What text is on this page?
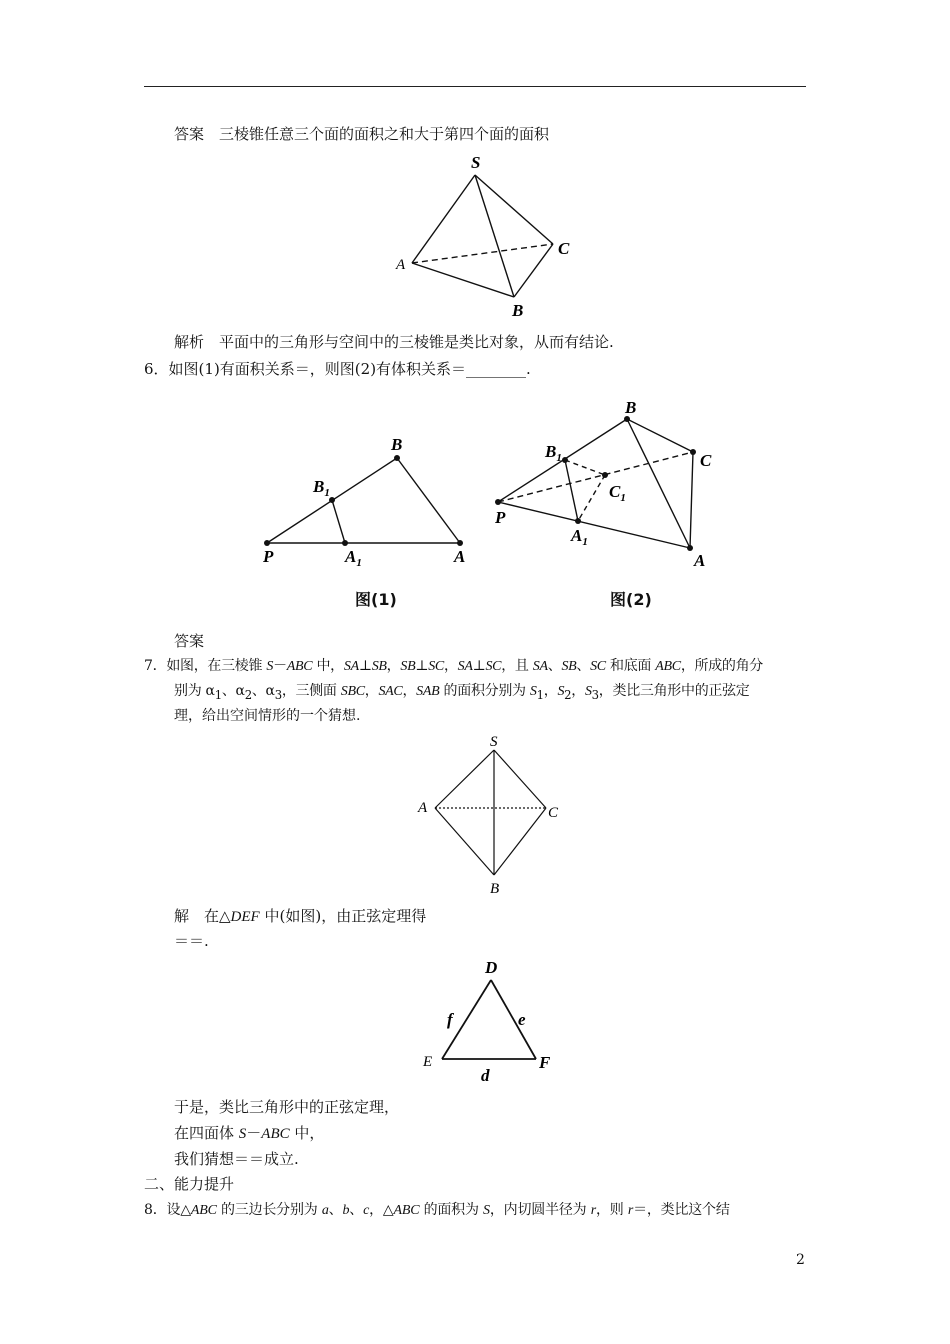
答案　三棱锥任意三个面的面积之和大于第四个面的面积
S
A
B
C
解析　平面中的三角形与空间中的三棱锥是类比对象，从而有结论.
6．如图(1)有面积关系＝，则图(2)有体积关系＝________.
P	$A_1$	A
$B_1$
B
图(1)
B
$B_1$	C
$C_1$
P
$A_1$
A
图(2)
答案
7．如图，在三棱锥 S－ABC 中，SA⊥SB，SB⊥SC，SA⊥SC，且 SA、SB、SC 和底面 ABC，所成的角分
别为 $\alpha_1$、$\alpha_2$、$\alpha_3$，三侧面 SBC，SAC，SAB 的面积分别为 $S_1$，$S_2$，$S_3$，类比三角形中的正弦定
理，给出空间情形的一个猜想.
S
A
B
C
解　在△DEF 中(如图)，由正弦定理得
＝＝.
D
E	F
d
e
f
于是，类比三角形中的正弦定理，
在四面体 S－ABC 中，
我们猜想＝＝成立.
二、能力提升
8．设△ABC 的三边长分别为 a、b、c，△ABC 的面积为 S，内切圆半径为 r，则 r＝，类比这个结
2
